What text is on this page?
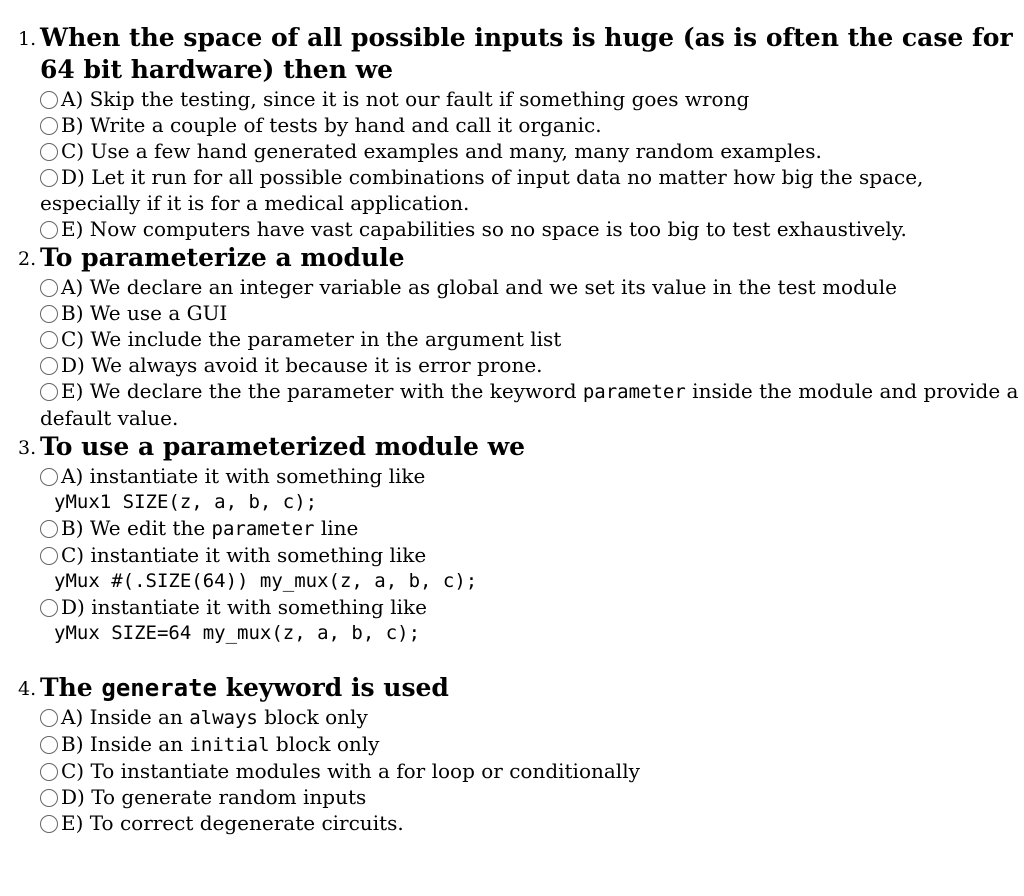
When the space of all possible inputs is huge (as is often the case for 64 bit hardware) then we
A) Skip the testing, since it is not our fault if something goes wrong
B) Write a couple of tests by hand and call it organic.
C) Use a few hand generated examples and many, many random examples.
D) Let it run for all possible combinations of input data no matter how big the space, especially if it is for a medical application.
E) Now computers have vast capabilities so no space is too big to test exhaustively.
To parameterize a module
A) We declare an integer variable as global and we set its value in the test module
B) We use a GUI
C) We include the parameter in the argument list
D) We always avoid it because it is error prone.
E) We declare the the parameter with the keyword parameter inside the module and provide a default value.
To use a parameterized module we
A) instantiate it with something like
yMux1 SIZE(z, a, b, c);
B) We edit the parameter line
C) instantiate it with something like
yMux #(.SIZE(64)) my_mux(z, a, b, c);
D) instantiate it with something like
yMux SIZE=64 my_mux(z, a, b, c);
The generate keyword is used
A) Inside an always block only
B) Inside an initial block only
C) To instantiate modules with a for loop or conditionally
D) To generate random inputs
E) To correct degenerate circuits.
